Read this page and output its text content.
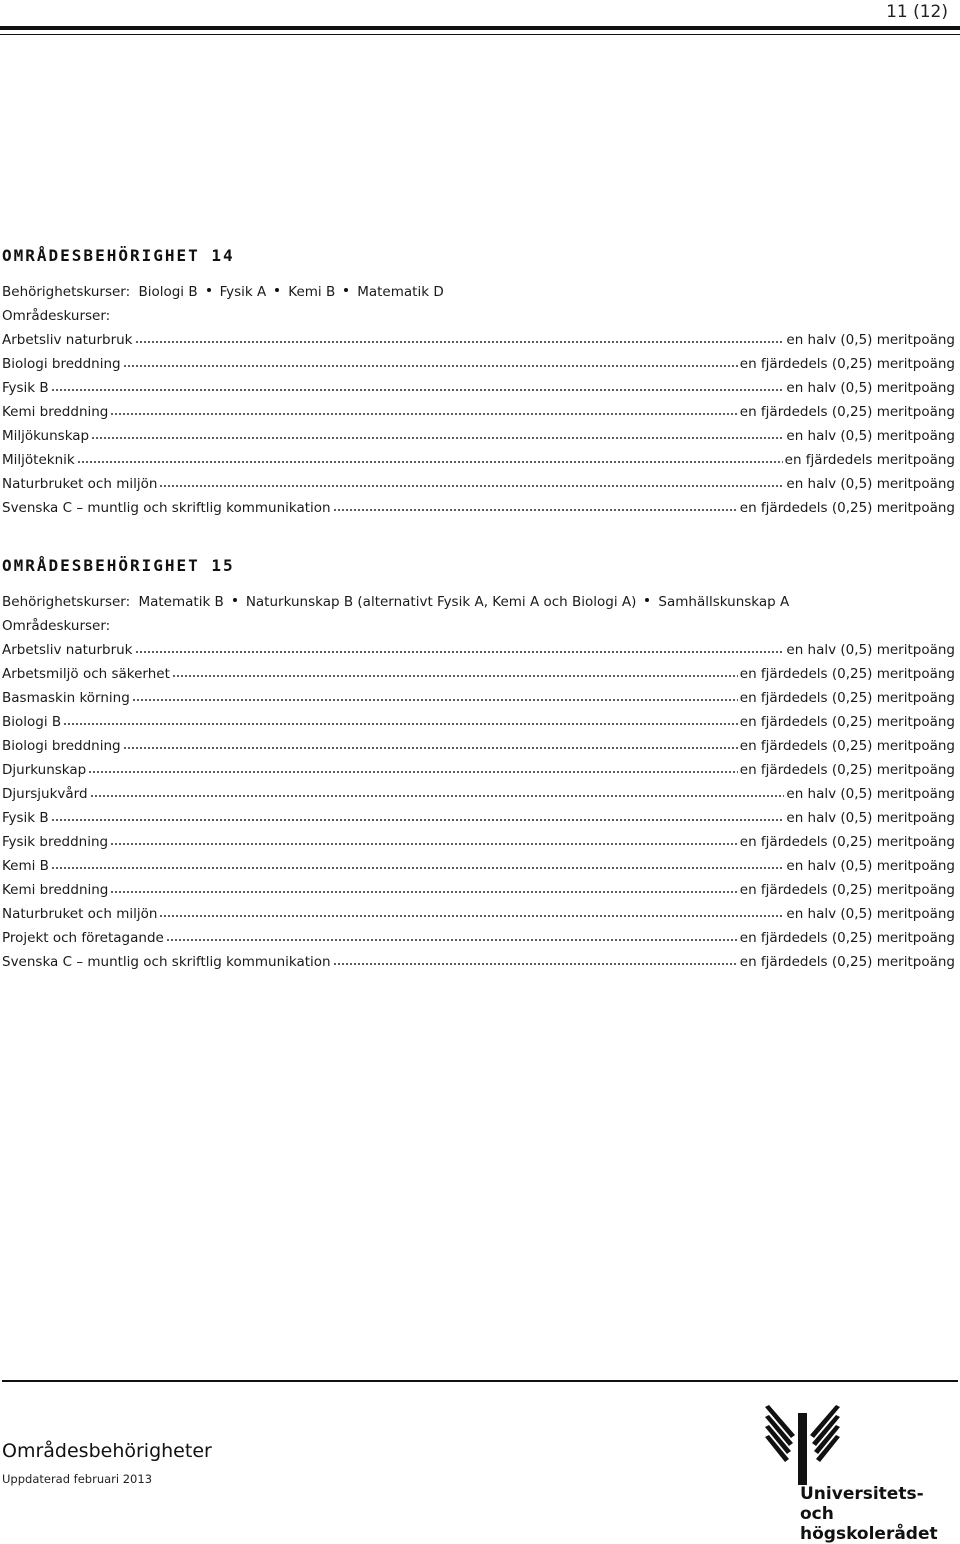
11 (12)
OMRÅDESBEHÖRIGHET 14
Behörighetskurser: Biologi B Fysik A Kemi B Matematik D
Områdeskurser:
Arbetsliv naturbruk	en halv (0,5) meritpoäng
Biologi breddning	en fjärdedels (0,25) meritpoäng
Fysik B	en halv (0,5) meritpoäng
Kemi breddning	en fjärdedels (0,25) meritpoäng
Miljökunskap	en halv (0,5) meritpoäng
Miljöteknik	en fjärdedels meritpoäng
Naturbruket och miljön	en halv (0,5) meritpoäng
Svenska C – muntlig och skriftlig kommunikation	en fjärdedels (0,25) meritpoäng
OMRÅDESBEHÖRIGHET 15
Behörighetskurser: Matematik B Naturkunskap B (alternativt Fysik A, Kemi A och Biologi A) Samhällskunskap A
Områdeskurser:
Arbetsliv naturbruk	en halv (0,5) meritpoäng
Arbetsmiljö och säkerhet	en fjärdedels (0,25) meritpoäng
Basmaskin körning	en fjärdedels (0,25) meritpoäng
Biologi B	en fjärdedels (0,25) meritpoäng
Biologi breddning	en fjärdedels (0,25) meritpoäng
Djurkunskap	en fjärdedels (0,25) meritpoäng
Djursjukvård	en halv (0,5) meritpoäng
Fysik B	en halv (0,5) meritpoäng
Fysik breddning	en fjärdedels (0,25) meritpoäng
Kemi B	en halv (0,5) meritpoäng
Kemi breddning	en fjärdedels (0,25) meritpoäng
Naturbruket och miljön	en halv (0,5) meritpoäng
Projekt och företagande	en fjärdedels (0,25) meritpoäng
Svenska C – muntlig och skriftlig kommunikation	en fjärdedels (0,25) meritpoäng
Områdesbehörigheter
Uppdaterad februari 2013
Universitets- och
högskolerådet
